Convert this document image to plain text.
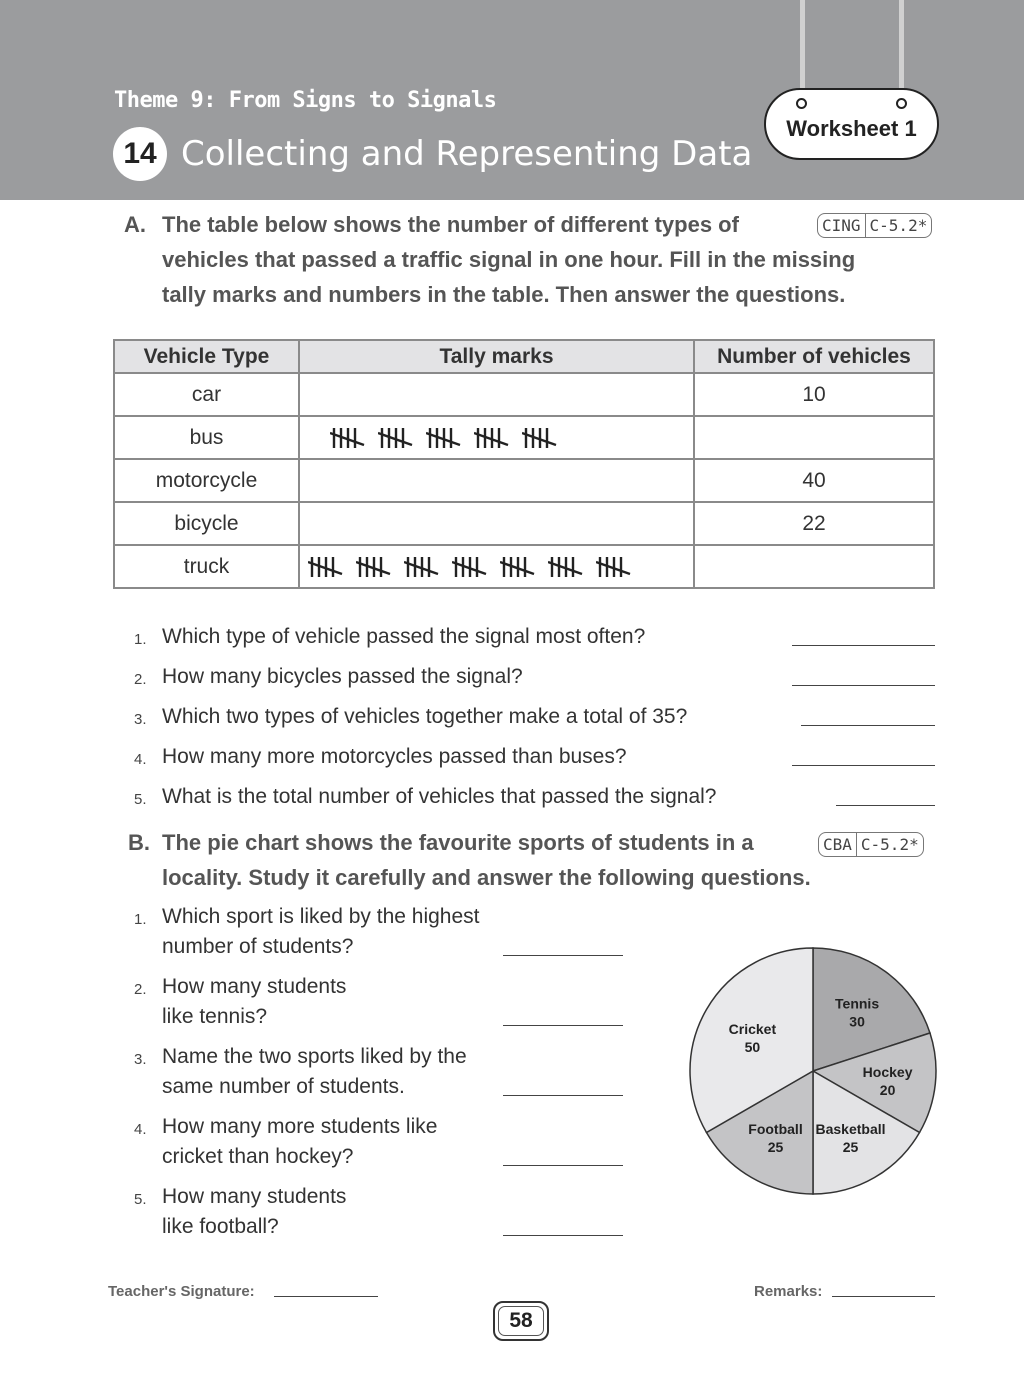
Theme 9: From Signs to Signals
14 Collecting and Representing Data
Worksheet 1
A. The table below shows the number of different types of
vehicles that passed a traffic signal in one hour. Fill in the missing
tally marks and numbers in the table. Then answer the questions.
CING C-5.2*
Vehicle Type	Tally marks	Number of vehicles
car		10
bus		
motorcycle		40
bicycle		22
truck		
1. Which type of vehicle passed the signal most often?
2. How many bicycles passed the signal?
3. Which two types of vehicles together make a total of 35?
4. How many more motorcycles passed than buses?
5. What is the total number of vehicles that passed the signal?
B. The pie chart shows the favourite sports of students in a
locality. Study it carefully and answer the following questions.
CBA C-5.2*
1. Which sport is liked by the highest
number of students?
2. How many students
like tennis?
3. Name the two sports liked by the
same number of students.
4. How many more students like
cricket than hockey?
5. How many students
like football?
Tennis
30
Hockey
20
Basketball
25
Football
25
Cricket
50
Teacher's Signature:	Remarks:
58
